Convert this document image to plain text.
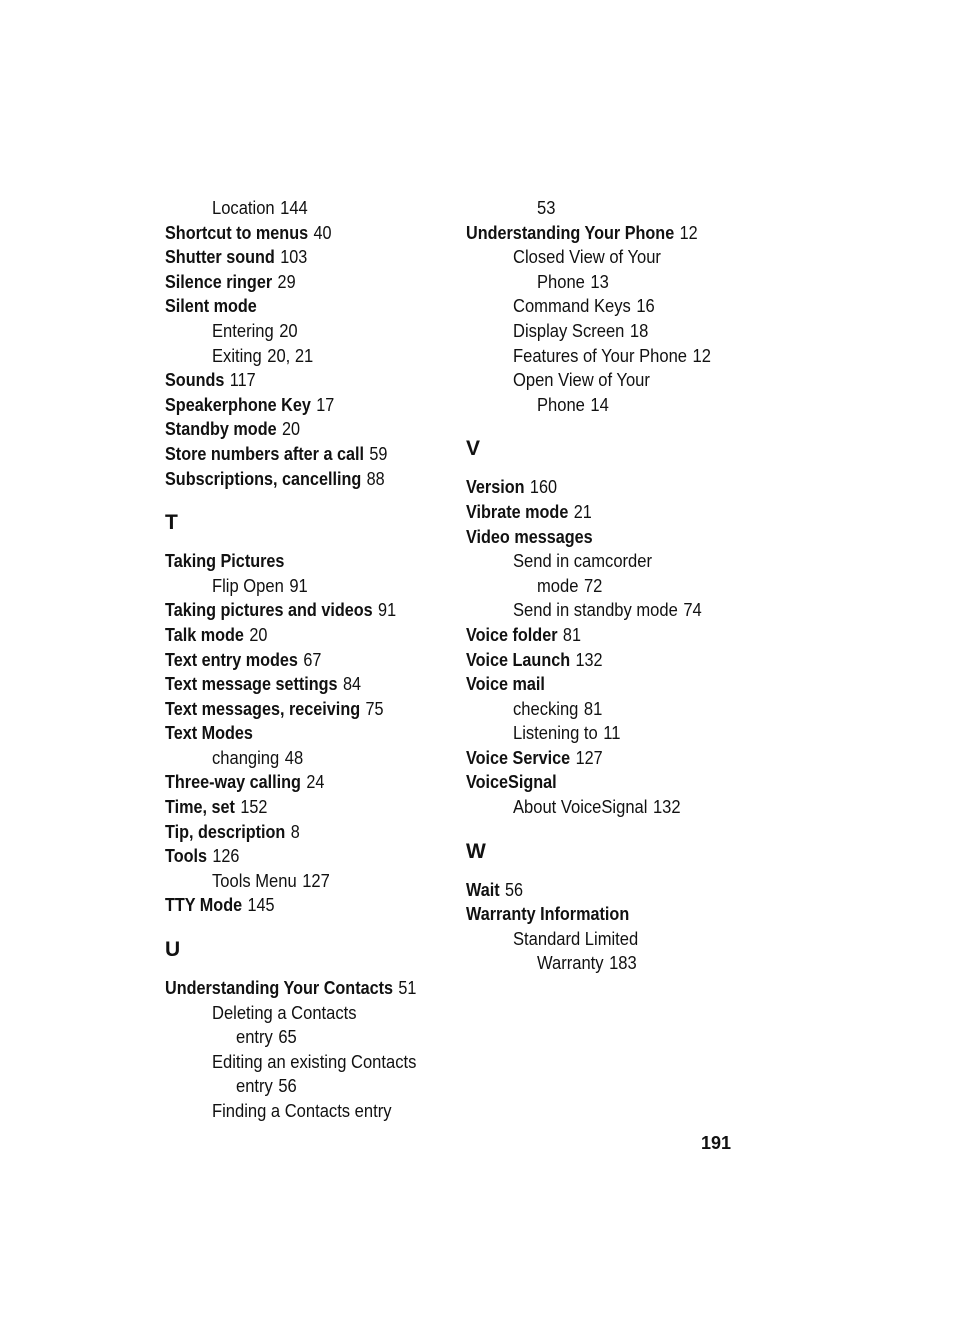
Location 144
Shortcut to menus 40
Shutter sound 103
Silence ringer 29
Silent mode
Entering 20
Exiting 20, 21
Sounds 117
Speakerphone Key 17
Standby mode 20
Store numbers after a call 59
Subscriptions, cancelling 88
T
Taking Pictures
Flip Open 91
Taking pictures and videos 91
Talk mode 20
Text entry modes 67
Text message settings 84
Text messages, receiving 75
Text Modes
changing 48
Three-way calling 24
Time, set 152
Tip, description 8
Tools 126
Tools Menu 127
TTY Mode 145
U
Understanding Your Contacts 51
Deleting a Contacts
entry 65
Editing an existing Contacts
entry 56
Finding a Contacts entry
53
Understanding Your Phone 12
Closed View of Your
Phone 13
Command Keys 16
Display Screen 18
Features of Your Phone 12
Open View of Your
Phone 14
V
Version 160
Vibrate mode 21
Video messages
Send in camcorder
mode 72
Send in standby mode 74
Voice folder 81
Voice Launch 132
Voice mail
checking 81
Listening to 11
Voice Service 127
VoiceSignal
About VoiceSignal 132
W
Wait 56
Warranty Information
Standard Limited
Warranty 183
191
